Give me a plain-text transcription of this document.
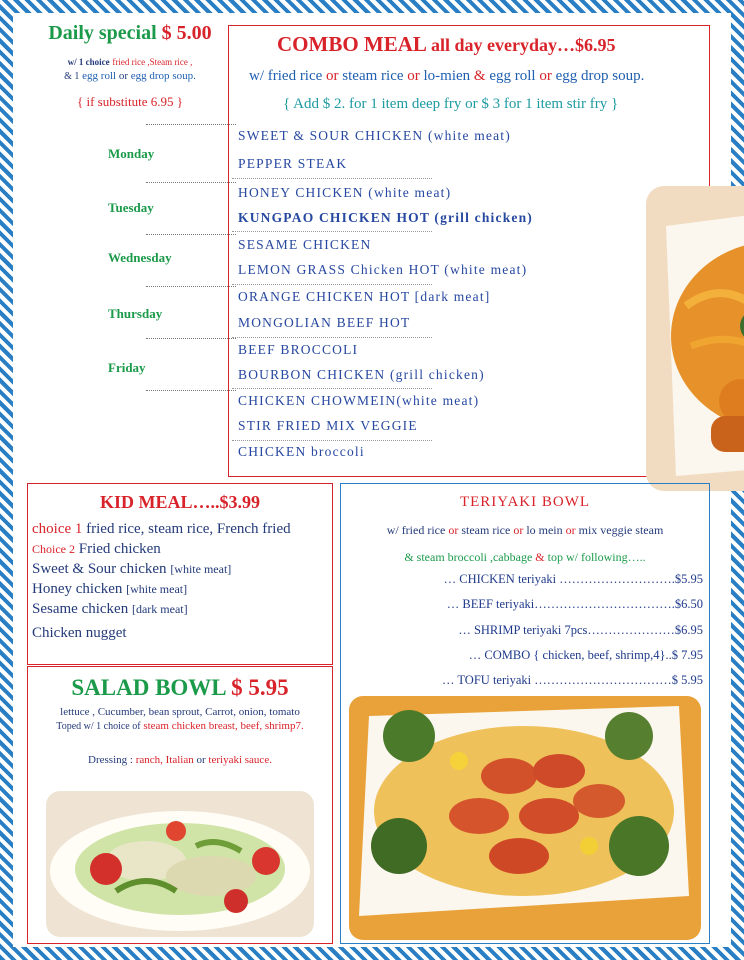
Daily special $ 5.00
w/ 1 choice fried rice ,Steam rice ,
& 1 egg roll or egg drop soup.
{ if substitute 6.95 }
Monday
Tuesday
Wednesday
Thursday
Friday
COMBO MEAL all day everyday…$6.95
w/ fried rice or steam rice or lo-mien & egg roll or egg drop soup.
{ Add $ 2. for 1 item deep fry or $ 3 for 1 item stir fry }
SWEET & SOUR CHICKEN (white meat)
PEPPER STEAK
HONEY CHICKEN (white meat)
KUNGPAO CHICKEN HOT (grill chicken)
SESAME CHICKEN
LEMON GRASS Chicken HOT (white meat)
ORANGE CHICKEN HOT [dark meat]
MONGOLIAN BEEF HOT
BEEF BROCCOLI
BOURBON CHICKEN (grill chicken)
CHICKEN CHOWMEIN(white meat)
STIR FRIED MIX VEGGIE
CHICKEN broccoli
KID MEAL…..$3.99
choice 1 fried rice, steam rice, French fried
Choice 2 Fried chicken
Sweet & Sour chicken [white meat]
Honey chicken [white meat]
Sesame chicken [dark meat]
Chicken nugget
SALAD BOWL $ 5.95
lettuce , Cucumber, bean sprout, Carrot, onion, tomato
Toped w/ 1 choice of steam chicken breast, beef, shrimp7.
Dressing : ranch, Italian or teriyaki sauce.
TERIYAKI BOWL
w/ fried rice or steam rice or lo mein or mix veggie steam
& steam broccoli ,cabbage & top w/ following…..
… CHICKEN teriyaki ……………………….$5.95
… BEEF teriyaki…………………………….$6.50
… SHRIMP teriyaki 7pcs…………………$6.95
… COMBO { chicken, beef, shrimp,4}..$ 7.95
… TOFU teriyaki ……………………………$ 5.95
